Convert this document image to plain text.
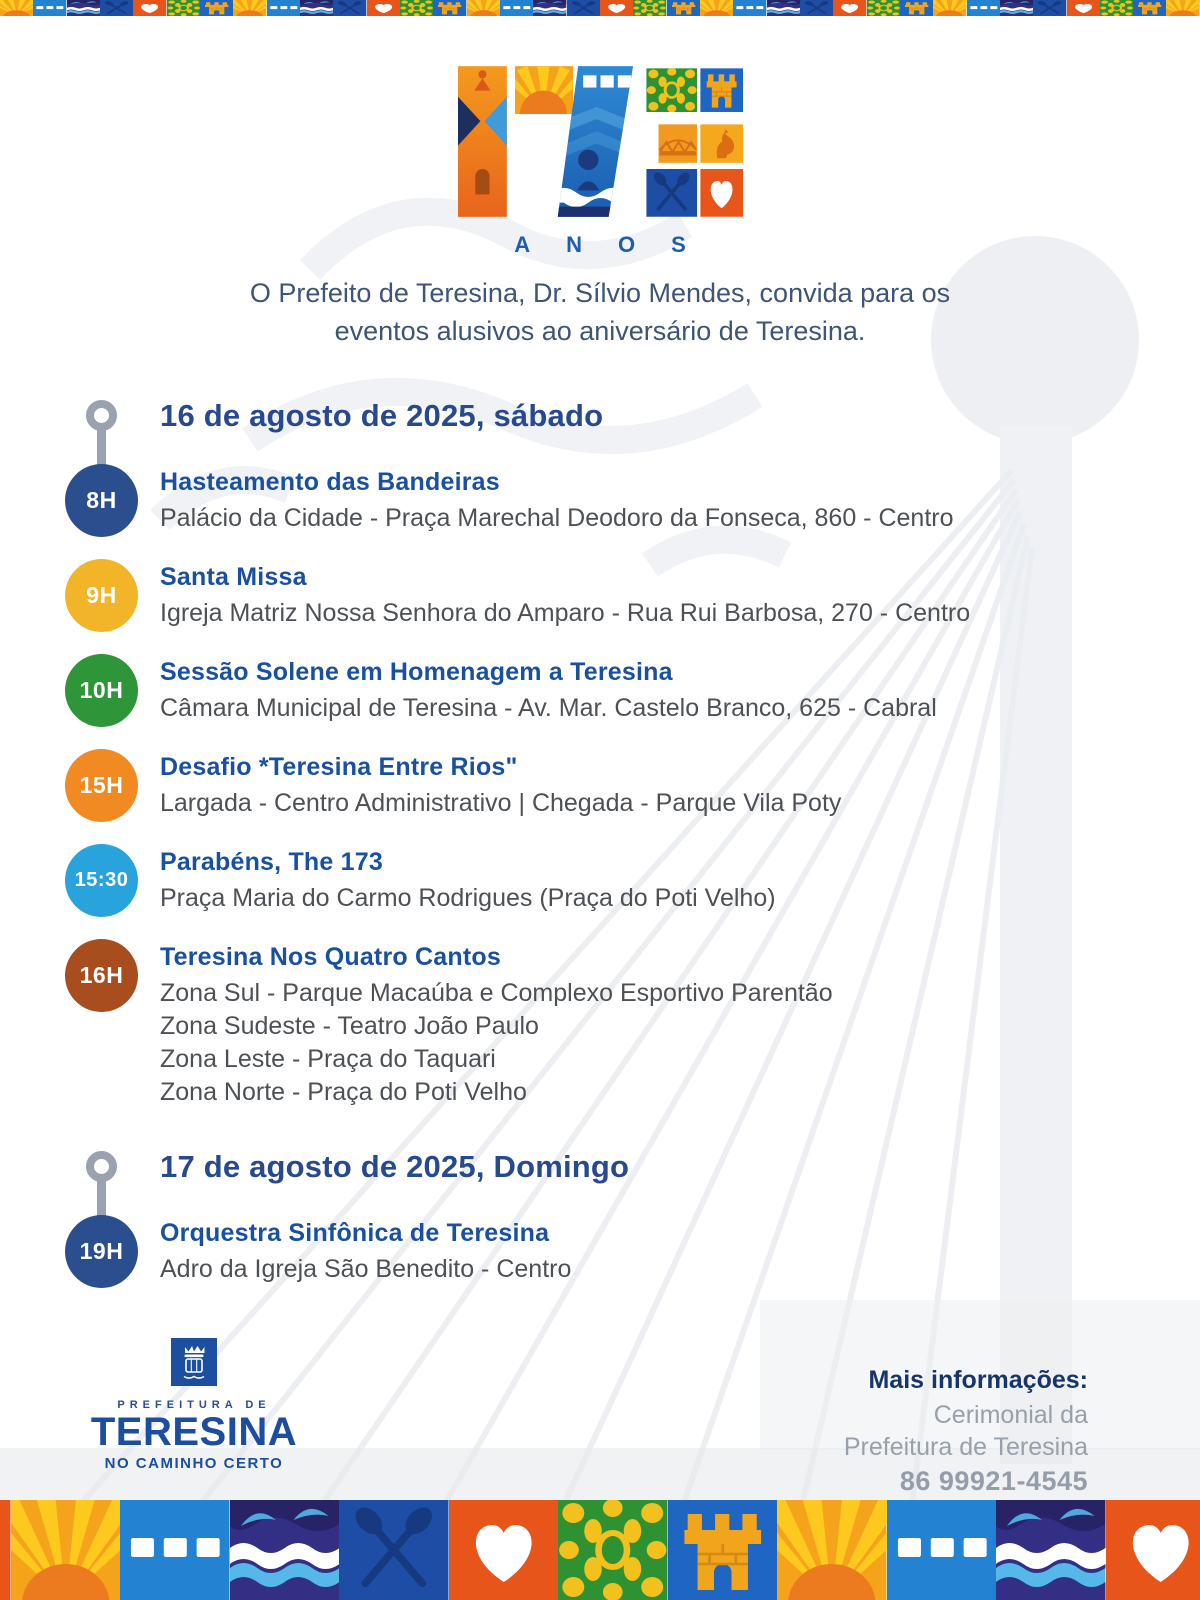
ANOS

O Prefeito de Teresina, Dr. Sílvio Mendes, convida para os
eventos alusivos ao aniversário de Teresina.

16 de agosto de 2025, sábado
8H
Hasteamento das Bandeiras
Palácio da Cidade - Praça Marechal Deodoro da Fonseca, 860 - Centro
9H
Santa Missa
Igreja Matriz Nossa Senhora do Amparo - Rua Rui Barbosa, 270 - Centro
10H
Sessão Solene em Homenagem a Teresina
Câmara Municipal de Teresina - Av. Mar. Castelo Branco, 625 - Cabral
15H
Desafio *Teresina Entre Rios"
Largada - Centro Administrativo | Chegada - Parque Vila Poty
15:30
Parabéns, The 173
Praça Maria do Carmo Rodrigues (Praça do Poti Velho)
16H
Teresina Nos Quatro Cantos
Zona Sul - Parque Macaúba e Complexo Esportivo Parentão
Zona Sudeste - Teatro João Paulo
Zona Leste - Praça do Taquari
Zona Norte - Praça do Poti Velho
17 de agosto de 2025, Domingo
19H
Orquestra Sinfônica de Teresina
Adro da Igreja São Benedito - Centro
PREFEITURA DE
TERESINA
NO CAMINHO CERTO
Mais informações:
Cerimonial da
Prefeitura de Teresina
86 99921-4545
